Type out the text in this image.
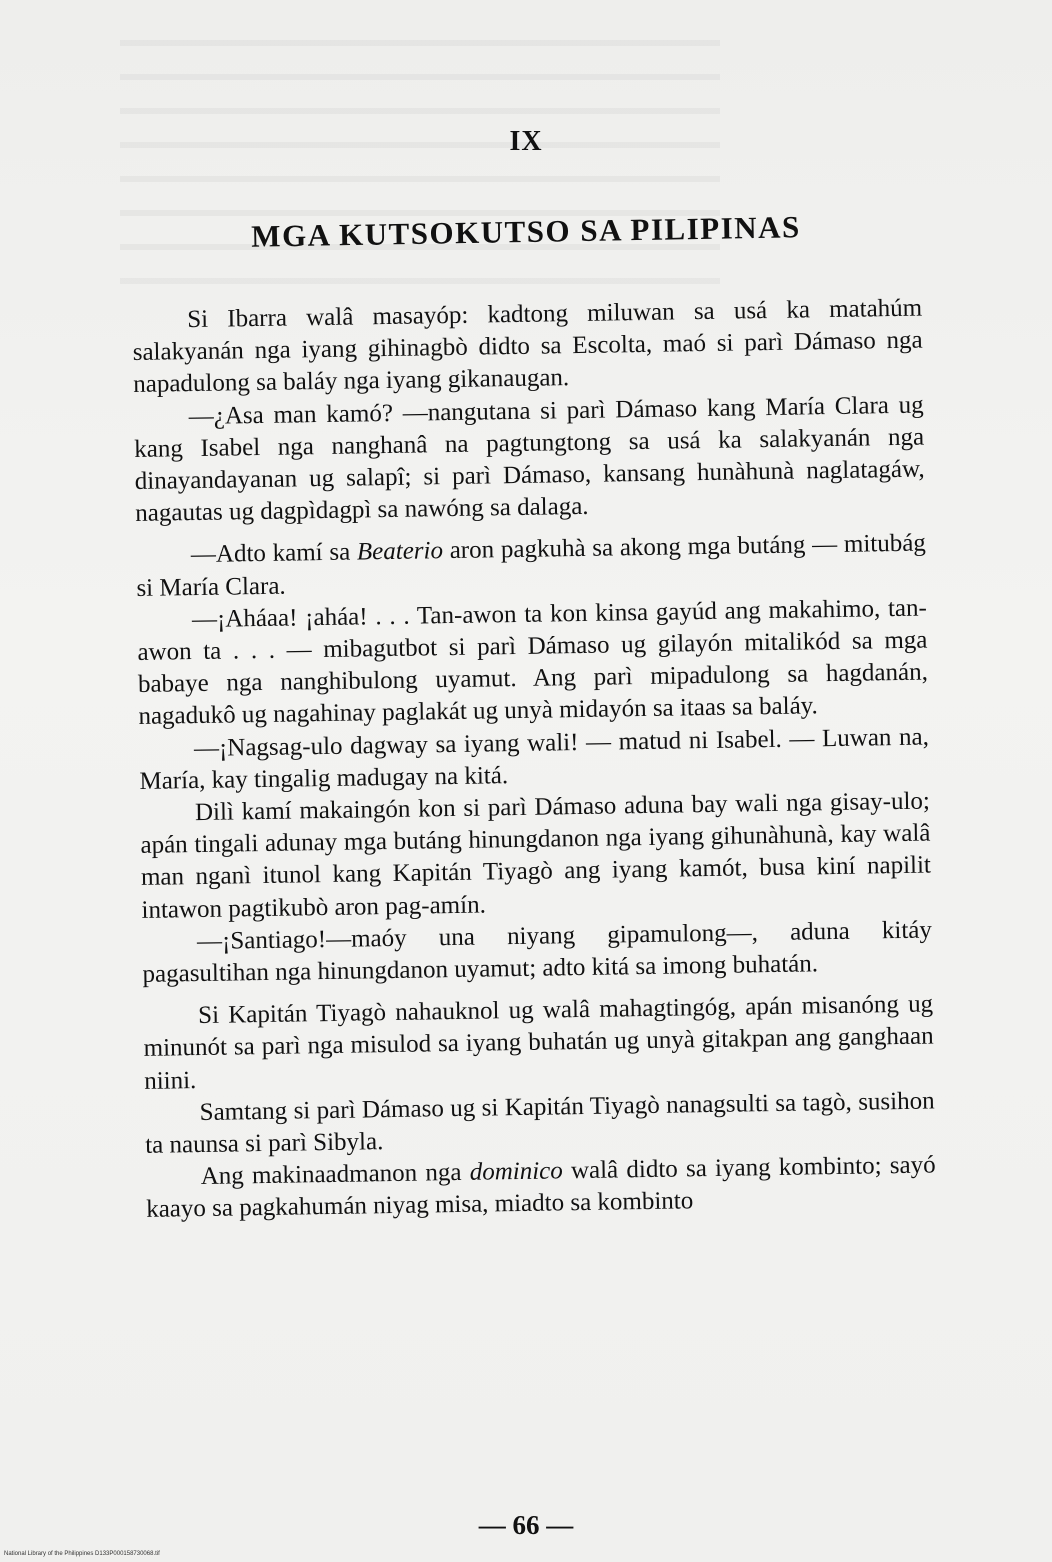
IX
MGA KUTSOKUTSO SA PILIPINAS

Si Ibarra walâ masayóp: kadtong miluwan sa usá ka matahúm salakyanán nga iyang gihinagbò didto sa Escolta, maó si parì Dámaso nga napadulong sa baláy nga iyang gikanaugan.

—¿Asa man kamó? —nangutana si parì Dámaso kang María Clara ug kang Isabel nga nanghanâ na pagtungtong sa usá ka salakyanán nga dinayandayanan ug salapî; si parì Dámaso, kansang hunàhunà naglatagáw, nagautas ug dagpìdagpì sa nawóng sa dalaga.

—Adto kamí sa Beaterio aron pagkuhà sa akong mga butáng — mitubág si María Clara.

—¡Aháaa! ¡aháa! . . . Tan-awon ta kon kinsa gayúd ang makahimo, tan-awon ta . . . — mibagutbot si parì Dámaso ug gilayón mitalikód sa mga babaye nga nanghibulong uyamut. Ang parì mipadulong sa hagdanán, nagadukô ug nagahinay paglakát ug unyà midayón sa itaas sa baláy.

—¡Nagsag-ulo dagway sa iyang wali! — matud ni Isabel. — Luwan na, María, kay tingalig madugay na kitá.

Dilì kamí makaingón kon si parì Dámaso aduna bay wali nga gisay-ulo; apán tingali adunay mga butáng hinungdanon nga iyang gihunàhunà, kay walâ man nganì itunol kang Kapitán Tiyagò ang iyang kamót, busa kiní napilit intawon pagtikubò aron pag-amín.

—¡Santiago!—maóy una niyang gipamulong—, aduna kitáy pagasultihan nga hinungdanon uyamut; adto kitá sa imong buhatán.

Si Kapitán Tiyagò nahauknol ug walâ mahagtingóg, apán misanóng ug minunót sa parì nga misulod sa iyang buhatán ug unyà gitakpan ang ganghaan niini.

Samtang si parì Dámaso ug si Kapitán Tiyagò nanagsulti sa tagò, susihon ta naunsa si parì Sibyla.

Ang makinaadmanon nga dominico walâ didto sa iyang kombinto; sayó kaayo sa pagkahumán niyag misa, miadto sa kombinto

— 66 —
National Library of the Philippines D133P000158730068.tif
